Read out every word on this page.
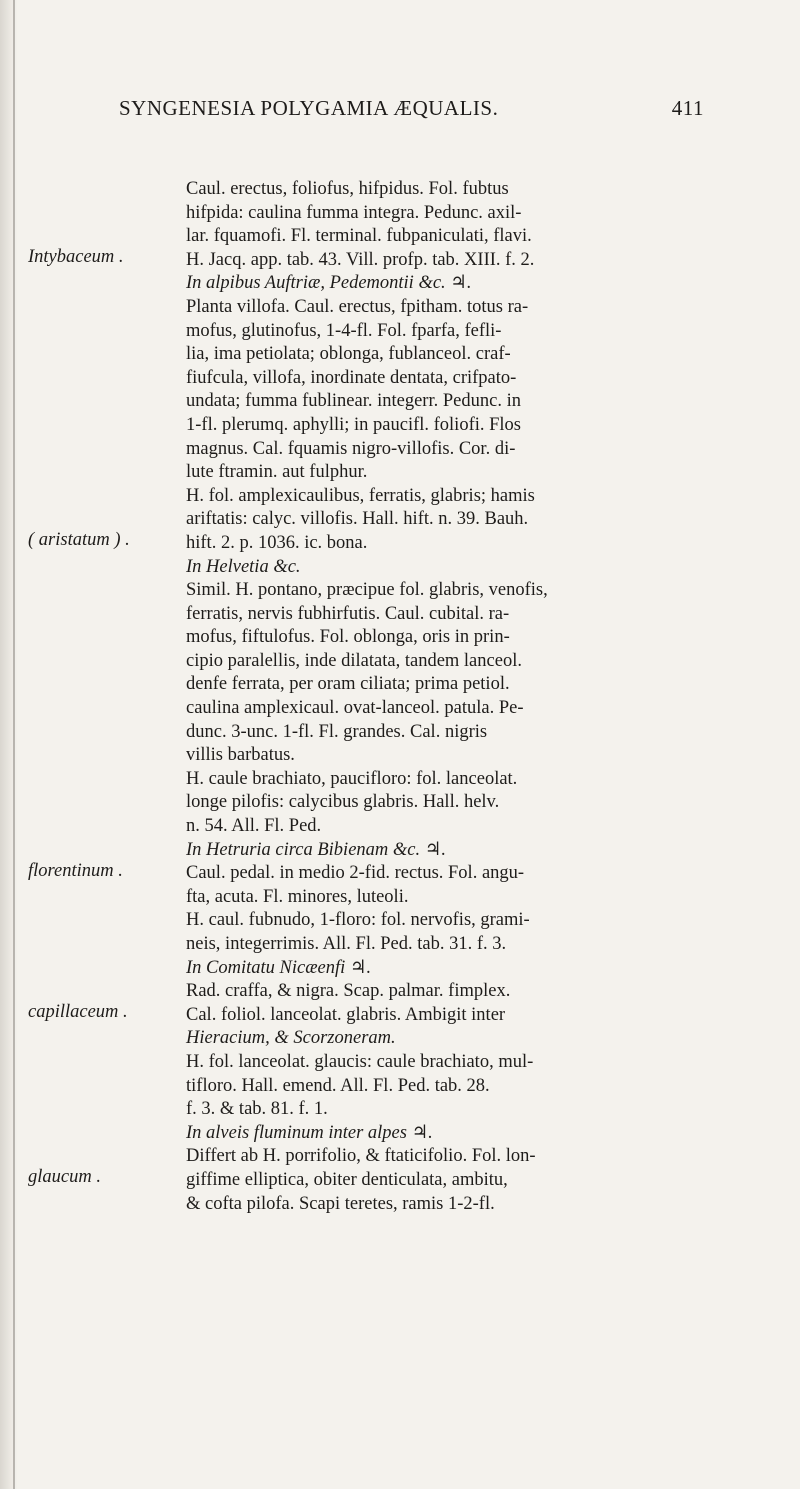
SYNGENESIA POLYGAMIA ÆQUALIS.	411
Intybaceum .
( aristatum ) .
florentinum .
capillaceum .
glaucum .
Caul. erectus, foliofus, hifpidus. Fol. fubtus
hifpida: caulina fumma integra. Pedunc. axil-
lar. fquamofi. Fl. terminal. fubpaniculati, flavi.
H. Jacq. app. tab. 43. Vill. profp. tab. XIII. f. 2.
In alpibus Auftriæ, Pedemontii &c. ♃.
Planta villofa. Caul. erectus, fpitham. totus ra-
mofus, glutinofus, 1-4-fl. Fol. fparfa, fefli-
lia, ima petiolata; oblonga, fublanceol. craf-
fiufcula, villofa, inordinate dentata, crifpato-
undata; fumma fublinear. integerr. Pedunc. in
1-fl. plerumq. aphylli; in paucifl. foliofi. Flos
magnus. Cal. fquamis nigro-villofis. Cor. di-
lute ftramin. aut fulphur.
H. fol. amplexicaulibus, ferratis, glabris; hamis
ariftatis: calyc. villofis. Hall. hift. n. 39. Bauh.
hift. 2. p. 1036. ic. bona.
In Helvetia &c.
Simil. H. pontano, præcipue fol. glabris, venofis,
ferratis, nervis fubhirfutis. Caul. cubital. ra-
mofus, fiftulofus. Fol. oblonga, oris in prin-
cipio paralellis, inde dilatata, tandem lanceol.
denfe ferrata, per oram ciliata; prima petiol.
caulina amplexicaul. ovat-lanceol. patula. Pe-
dunc. 3-unc. 1-fl. Fl. grandes. Cal. nigris
villis barbatus.
H. caule brachiato, paucifloro: fol. lanceolat.
longe pilofis: calycibus glabris. Hall. helv.
n. 54. All. Fl. Ped.
In Hetruria circa Bibienam &c. ♃.
Caul. pedal. in medio 2-fid. rectus. Fol. angu-
fta, acuta. Fl. minores, luteoli.
H. caul. fubnudo, 1-floro: fol. nervofis, grami-
neis, integerrimis. All. Fl. Ped. tab. 31. f. 3.
In Comitatu Nicæenfi ♃.
Rad. craffa, & nigra. Scap. palmar. fimplex.
Cal. foliol. lanceolat. glabris. Ambigit inter
Hieracium, & Scorzoneram.
H. fol. lanceolat. glaucis: caule brachiato, mul-
tifloro. Hall. emend. All. Fl. Ped. tab. 28.
f. 3. & tab. 81. f. 1.
In alveis fluminum inter alpes ♃.
Differt ab H. porrifolio, & ftaticifolio. Fol. lon-
giffime elliptica, obiter denticulata, ambitu,
& cofta pilofa. Scapi teretes, ramis 1-2-fl.
